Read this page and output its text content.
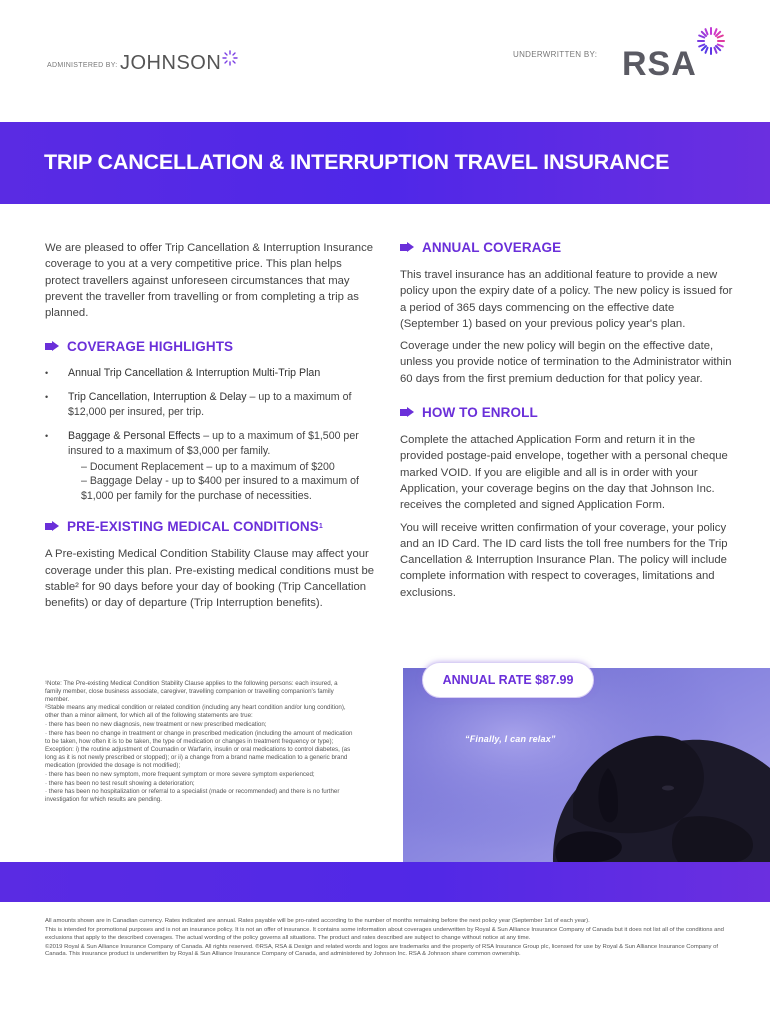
ADMINISTERED BY: JOHNSON	UNDERWRITTEN BY: RSA
TRIP CANCELLATION & INTERRUPTION TRAVEL INSURANCE

We are pleased to offer Trip Cancellation & Interruption Insurance coverage to you at a very competitive price. This plan helps protect travellers against unforeseen circumstances that may prevent the traveller from travelling or from completing a trip as planned.

COVERAGE HIGHLIGHTS
• Annual Trip Cancellation & Interruption Multi-Trip Plan
• Trip Cancellation, Interruption & Delay – up to a maximum of $12,000 per insured, per trip.
• Baggage & Personal Effects – up to a maximum of $1,500 per insured to a maximum of $3,000 per family.
– Document Replacement – up to a maximum of $200
– Baggage Delay - up to $400 per insured to a maximum of $1,000 per family for the purchase of necessities.
PRE-EXISTING MEDICAL CONDITIONS 1

A Pre-existing Medical Condition Stability Clause may affect your coverage under this plan. Pre-existing medical conditions must be stable² for 90 days before your day of booking (Trip Cancellation benefits) or day of departure (Trip Interruption benefits).

ANNUAL COVERAGE

This travel insurance has an additional feature to provide a new policy upon the expiry date of a policy. The new policy is issued for a period of 365 days commencing on the effective date (September 1) based on your previous policy year's plan.

Coverage under the new policy will begin on the effective date, unless you provide notice of termination to the Administrator within 60 days from the first premium deduction for that policy year.

HOW TO ENROLL

Complete the attached Application Form and return it in the provided postage-paid envelope, together with a personal cheque marked VOID. If you are eligible and all is in order with your Application, your coverage begins on the day that Johnson Inc. receives the completed and signed Application Form.

You will receive written confirmation of your coverage, your policy and an ID Card. The ID card lists the toll free numbers for the Trip Cancellation & Interruption Insurance Plan. The policy will include complete information with respect to coverages, limitations and exclusions.

¹Note: The Pre-existing Medical Condition Stability Clause applies to the following persons: each insured, a family member, close business associate, caregiver, travelling companion or travelling companion's family member.
²Stable means any medical condition or related condition (including any heart condition and/or lung condition), other than a minor ailment, for which all of the following statements are true:
· there has been no new diagnosis, new treatment or new prescribed medication;
· there has been no change in treatment or change in prescribed medication (including the amount of medication to be taken, how often it is to be taken, the type of medication or changes in treatment frequency or type);
Exception: i) the routine adjustment of Coumadin or Warfarin, insulin or oral medications to control diabetes, (as long as it is not newly prescribed or stopped); or ii) a change from a brand name medication to a generic brand medication (provided the dosage is not modified);
· there has been no new symptom, more frequent symptom or more severe symptom experienced;
· there has been no test result showing a deterioration;
· there has been no hospitalization or referral to a specialist (made or recommended) and there is no further investigation for which results are pending.
ANNUAL RATE $87.99
“Finally, I can relax”
All amounts shown are in Canadian currency. Rates indicated are annual. Rates payable will be pro-rated according to the number of months remaining before the next policy year (September 1st of each year).
This is intended for promotional purposes and is not an insurance policy. It is not an offer of insurance. It contains some information about coverages underwritten by Royal & Sun Alliance Insurance Company of Canada but it does not list all of the conditions and exclusions that apply to the described coverages. The actual wording of the policy governs all situations. The product and rates described are subject to change without notice at any time.
©2019 Royal & Sun Alliance Insurance Company of Canada. All rights reserved. ®RSA, RSA & Design and related words and logos are trademarks and the property of RSA Insurance Group plc, licensed for use by Royal & Sun Alliance Insurance Company of Canada. This insurance product is underwritten by Royal & Sun Alliance Insurance Company of Canada, and administered by Johnson Inc. RSA & Johnson share common ownership.
